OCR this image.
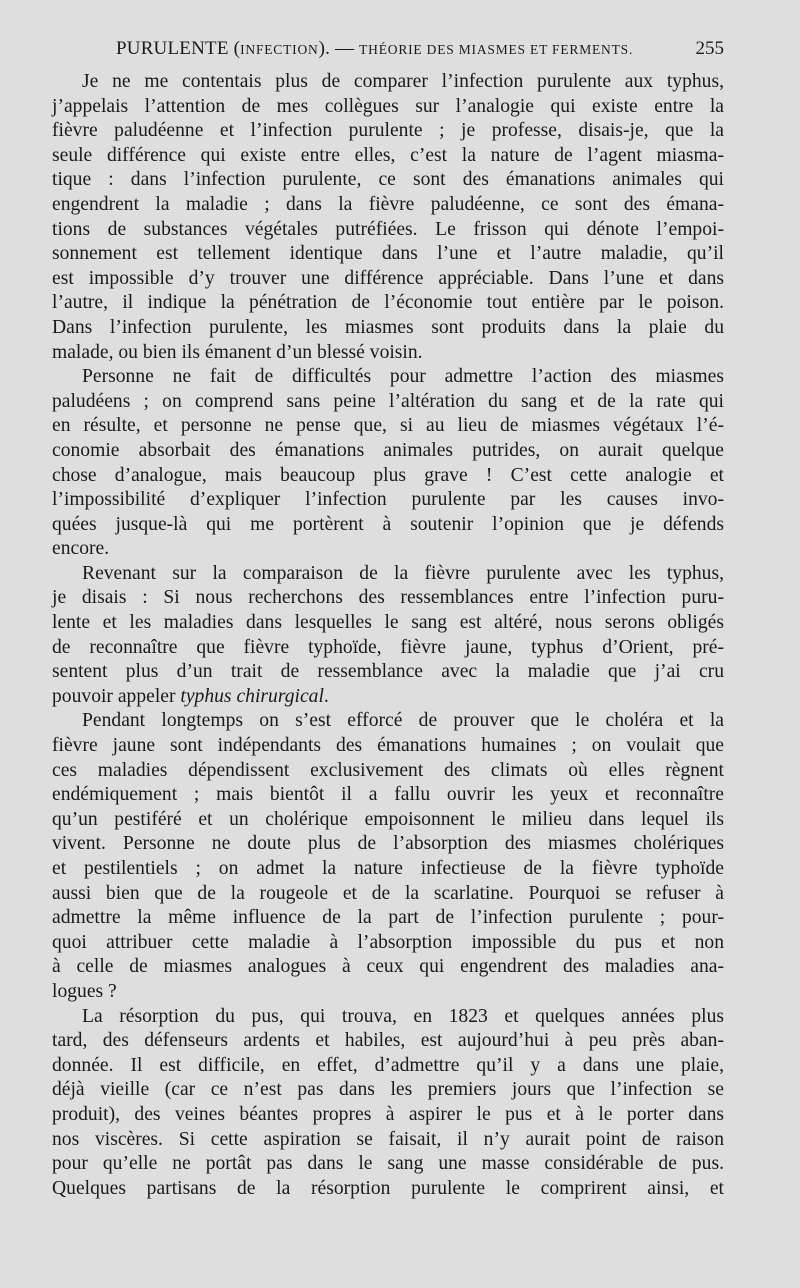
PURULENTE (INFECTION). — THÉORIE DES MIASMES ET FERMENTS.	255
Je ne me contentais plus de comparer l’infection purulente aux typhus,
j’appelais l’attention de mes collègues sur l’analogie qui existe entre la
fièvre paludéenne et l’infection purulente ; je professe, disais-je, que la
seule différence qui existe entre elles, c’est la nature de l’agent miasma-
tique : dans l’infection purulente, ce sont des émanations animales qui
engendrent la maladie ; dans la fièvre paludéenne, ce sont des émana-
tions de substances végétales putréfiées. Le frisson qui dénote l’empoi-
sonnement est tellement identique dans l’une et l’autre maladie, qu’il
est impossible d’y trouver une différence appréciable. Dans l’une et dans
l’autre, il indique la pénétration de l’économie tout entière par le poison.
Dans l’infection purulente, les miasmes sont produits dans la plaie du
malade, ou bien ils émanent d’un blessé voisin.
Personne ne fait de difficultés pour admettre l’action des miasmes
paludéens ; on comprend sans peine l’altération du sang et de la rate qui
en résulte, et personne ne pense que, si au lieu de miasmes végétaux l’é-
conomie absorbait des émanations animales putrides, on aurait quelque
chose d’analogue, mais beaucoup plus grave ! C’est cette analogie et
l’impossibilité d’expliquer l’infection purulente par les causes invo-
quées jusque-là qui me portèrent à soutenir l’opinion que je défends
encore.
Revenant sur la comparaison de la fièvre purulente avec les typhus,
je disais : Si nous recherchons des ressemblances entre l’infection puru-
lente et les maladies dans lesquelles le sang est altéré, nous serons obligés
de reconnaître que fièvre typhoïde, fièvre jaune, typhus d’Orient, pré-
sentent plus d’un trait de ressemblance avec la maladie que j’ai cru
pouvoir appeler typhus chirurgical.
Pendant longtemps on s’est efforcé de prouver que le choléra et la
fièvre jaune sont indépendants des émanations humaines ; on voulait que
ces maladies dépendissent exclusivement des climats où elles règnent
endémiquement ; mais bientôt il a fallu ouvrir les yeux et reconnaître
qu’un pestiféré et un cholérique empoisonnent le milieu dans lequel ils
vivent. Personne ne doute plus de l’absorption des miasmes cholériques
et pestilentiels ; on admet la nature infectieuse de la fièvre typhoïde
aussi bien que de la rougeole et de la scarlatine. Pourquoi se refuser à
admettre la même influence de la part de l’infection purulente ; pour-
quoi attribuer cette maladie à l’absorption impossible du pus et non
à celle de miasmes analogues à ceux qui engendrent des maladies ana-
logues ?
La résorption du pus, qui trouva, en 1823 et quelques années plus
tard, des défenseurs ardents et habiles, est aujourd’hui à peu près aban-
donnée. Il est difficile, en effet, d’admettre qu’il y a dans une plaie,
déjà vieille (car ce n’est pas dans les premiers jours que l’infection se
produit), des veines béantes propres à aspirer le pus et à le porter dans
nos viscères. Si cette aspiration se faisait, il n’y aurait point de raison
pour qu’elle ne portât pas dans le sang une masse considérable de pus.
Quelques partisans de la résorption purulente le comprirent ainsi, et
